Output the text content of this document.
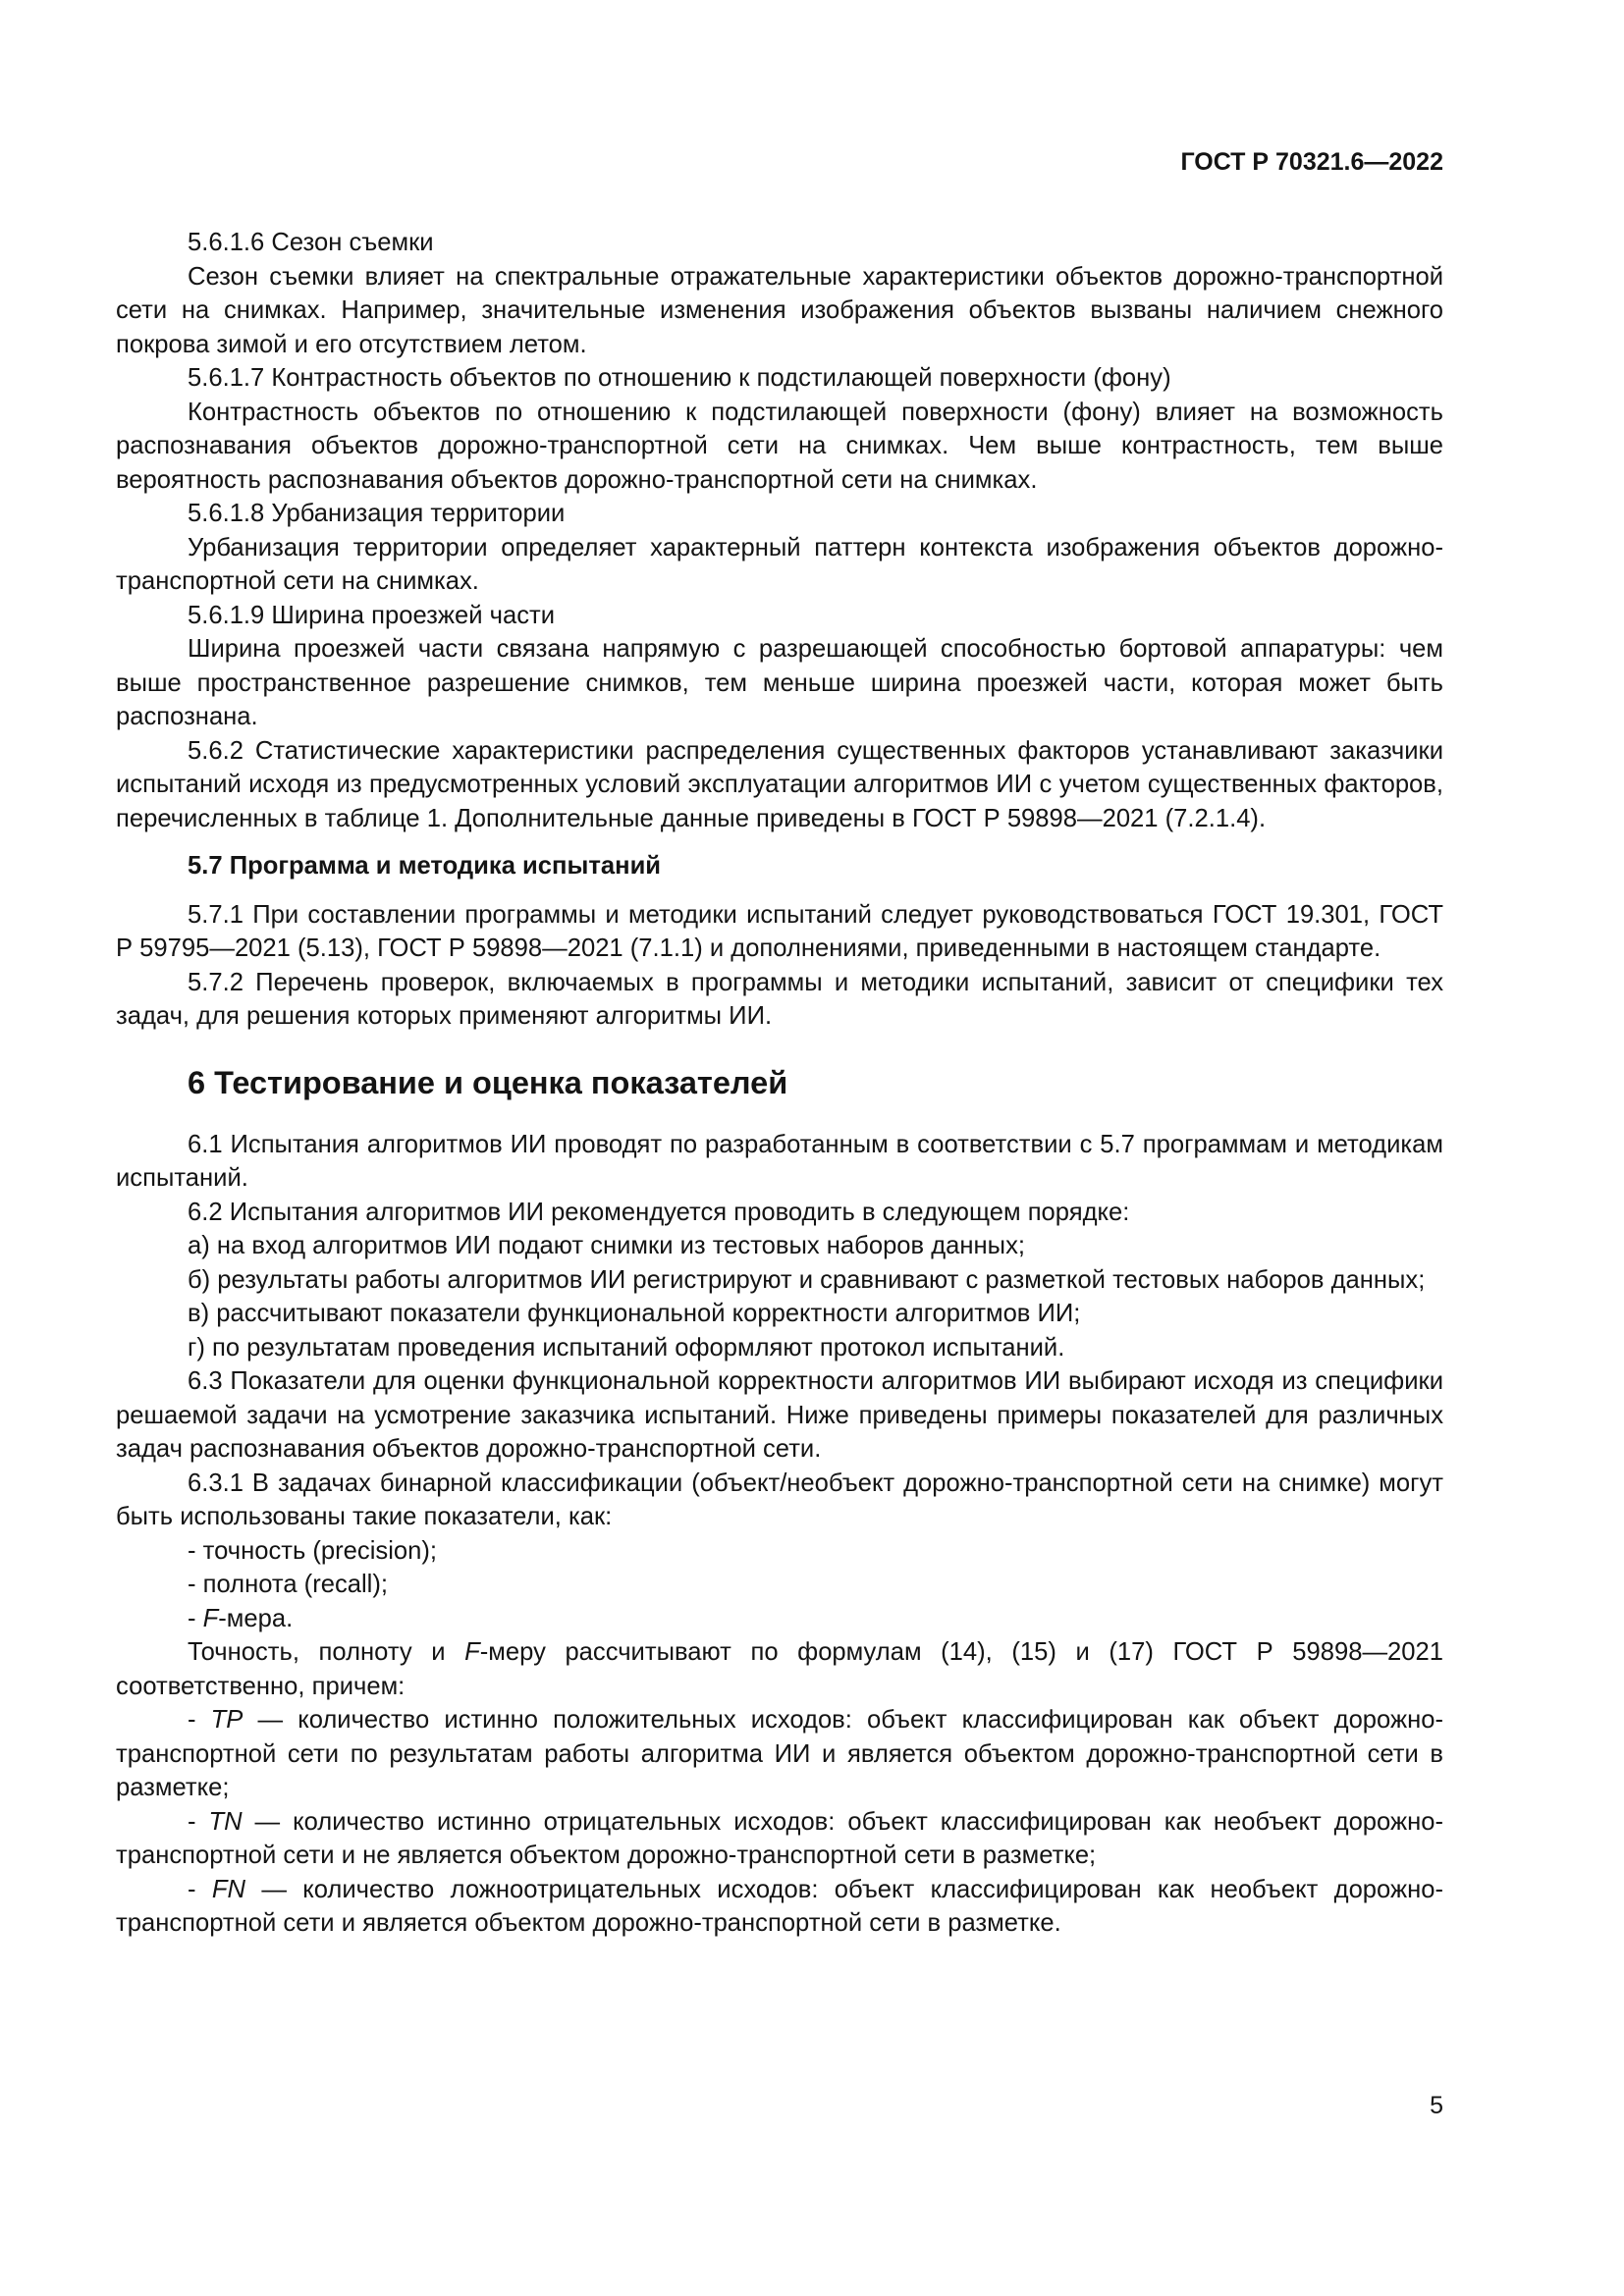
ГОСТ Р 70321.6—2022

5.6.1.6 Сезон съемки

Сезон съемки влияет на спектральные отражательные характеристики объектов дорожно-транспортной сети на снимках. Например, значительные изменения изображения объектов вызваны наличием снежного покрова зимой и его отсутствием летом.

5.6.1.7 Контрастность объектов по отношению к подстилающей поверхности (фону)

Контрастность объектов по отношению к подстилающей поверхности (фону) влияет на возможность распознавания объектов дорожно-транспортной сети на снимках. Чем выше контрастность, тем выше вероятность распознавания объектов дорожно-транспортной сети на снимках.

5.6.1.8 Урбанизация территории

Урбанизация территории определяет характерный паттерн контекста изображения объектов дорожно-транспортной сети на снимках.

5.6.1.9 Ширина проезжей части

Ширина проезжей части связана напрямую с разрешающей способностью бортовой аппаратуры: чем выше пространственное разрешение снимков, тем меньше ширина проезжей части, которая может быть распознана.

5.6.2 Статистические характеристики распределения существенных факторов устанавливают заказчики испытаний исходя из предусмотренных условий эксплуатации алгоритмов ИИ с учетом существенных факторов, перечисленных в таблице 1. Дополнительные данные приведены в ГОСТ Р 59898—2021 (7.2.1.4).

5.7 Программа и методика испытаний

5.7.1 При составлении программы и методики испытаний следует руководствоваться ГОСТ 19.301, ГОСТ Р 59795—2021 (5.13), ГОСТ Р 59898—2021 (7.1.1) и дополнениями, приведенными в настоящем стандарте.

5.7.2 Перечень проверок, включаемых в программы и методики испытаний, зависит от специфики тех задач, для решения которых применяют алгоритмы ИИ.

6 Тестирование и оценка показателей

6.1 Испытания алгоритмов ИИ проводят по разработанным в соответствии с 5.7 программам и методикам испытаний.

6.2 Испытания алгоритмов ИИ рекомендуется проводить в следующем порядке:

а) на вход алгоритмов ИИ подают снимки из тестовых наборов данных;

б) результаты работы алгоритмов ИИ регистрируют и сравнивают с разметкой тестовых наборов данных;

в) рассчитывают показатели функциональной корректности алгоритмов ИИ;

г) по результатам проведения испытаний оформляют протокол испытаний.

6.3 Показатели для оценки функциональной корректности алгоритмов ИИ выбирают исходя из специфики решаемой задачи на усмотрение заказчика испытаний. Ниже приведены примеры показателей для различных задач распознавания объектов дорожно-транспортной сети.

6.3.1 В задачах бинарной классификации (объект/необъект дорожно-транспортной сети на снимке) могут быть использованы такие показатели, как:

- точность (precision);

- полнота (recall);

- F-мера.

Точность, полноту и F-меру рассчитывают по формулам (14), (15) и (17) ГОСТ Р 59898—2021 соответственно, причем:

- TP — количество истинно положительных исходов: объект классифицирован как объект дорожно-транспортной сети по результатам работы алгоритма ИИ и является объектом дорожно-транспортной сети в разметке;

- TN — количество истинно отрицательных исходов: объект классифицирован как необъект дорожно-транспортной сети и не является объектом дорожно-транспортной сети в разметке;

- FN — количество ложноотрицательных исходов: объект классифицирован как необъект дорожно-транспортной сети и является объектом дорожно-транспортной сети в разметке.

5
